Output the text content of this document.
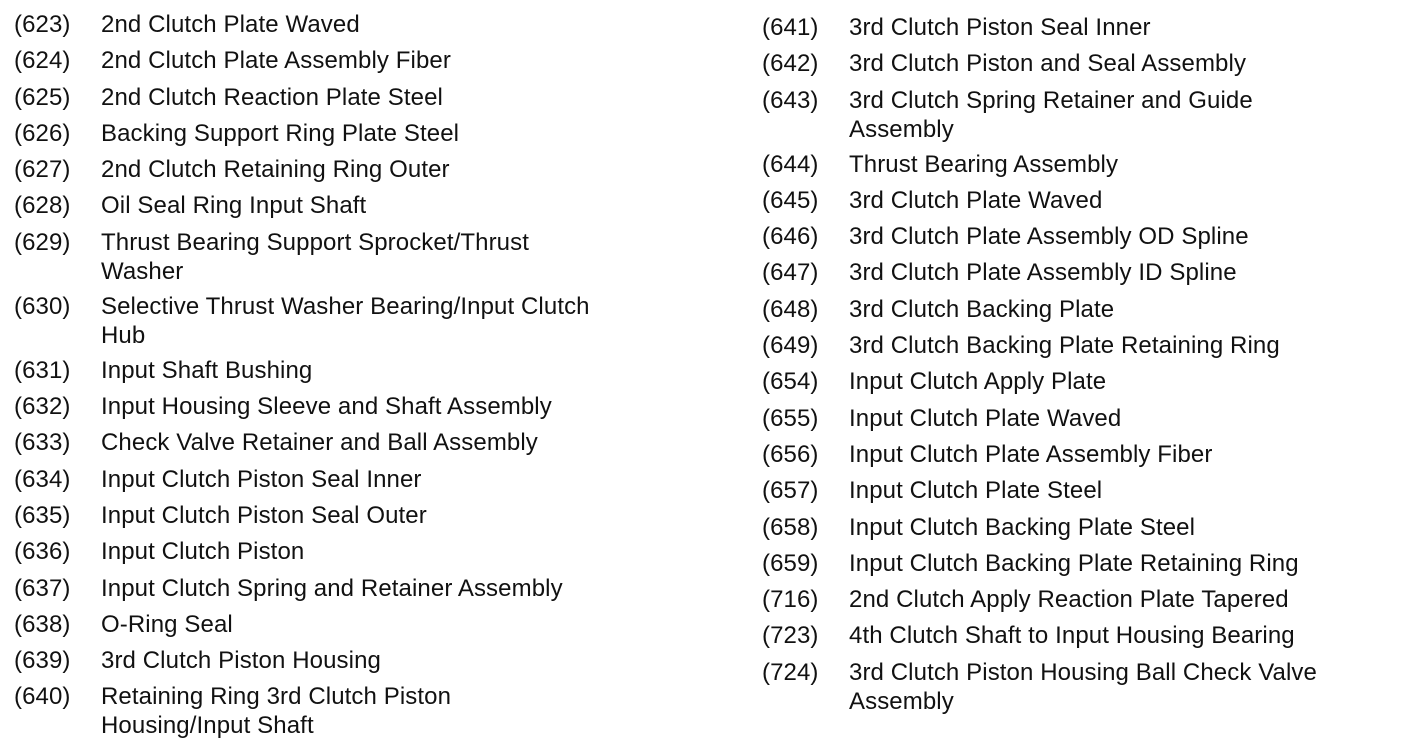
(623)	2nd Clutch Plate Waved
(624)	2nd Clutch Plate Assembly Fiber
(625)	2nd Clutch Reaction Plate Steel
(626)	Backing Support Ring Plate Steel
(627)	2nd Clutch Retaining Ring Outer
(628)	Oil Seal Ring Input Shaft
(629)	Thrust Bearing Support Sprocket/Thrust Washer
(630)	Selective Thrust Washer Bearing/Input Clutch Hub
(631)	Input Shaft Bushing
(632)	Input Housing Sleeve and Shaft Assembly
(633)	Check Valve Retainer and Ball Assembly
(634)	Input Clutch Piston Seal Inner
(635)	Input Clutch Piston Seal Outer
(636)	Input Clutch Piston
(637)	Input Clutch Spring and Retainer Assembly
(638)	O-Ring Seal
(639)	3rd Clutch Piston Housing
(640)	Retaining Ring 3rd Clutch Piston Housing/Input Shaft
(641)	3rd Clutch Piston Seal Inner
(642)	3rd Clutch Piston and Seal Assembly
(643)	3rd Clutch Spring Retainer and Guide Assembly
(644)	Thrust Bearing Assembly
(645)	3rd Clutch Plate Waved
(646)	3rd Clutch Plate Assembly OD Spline
(647)	3rd Clutch Plate Assembly ID Spline
(648)	3rd Clutch Backing Plate
(649)	3rd Clutch Backing Plate Retaining Ring
(654)	Input Clutch Apply Plate
(655)	Input Clutch Plate Waved
(656)	Input Clutch Plate Assembly Fiber
(657)	Input Clutch Plate Steel
(658)	Input Clutch Backing Plate Steel
(659)	Input Clutch Backing Plate Retaining Ring
(716)	2nd Clutch Apply Reaction Plate Tapered
(723)	4th Clutch Shaft to Input Housing Bearing
(724)	3rd Clutch Piston Housing Ball Check Valve Assembly
